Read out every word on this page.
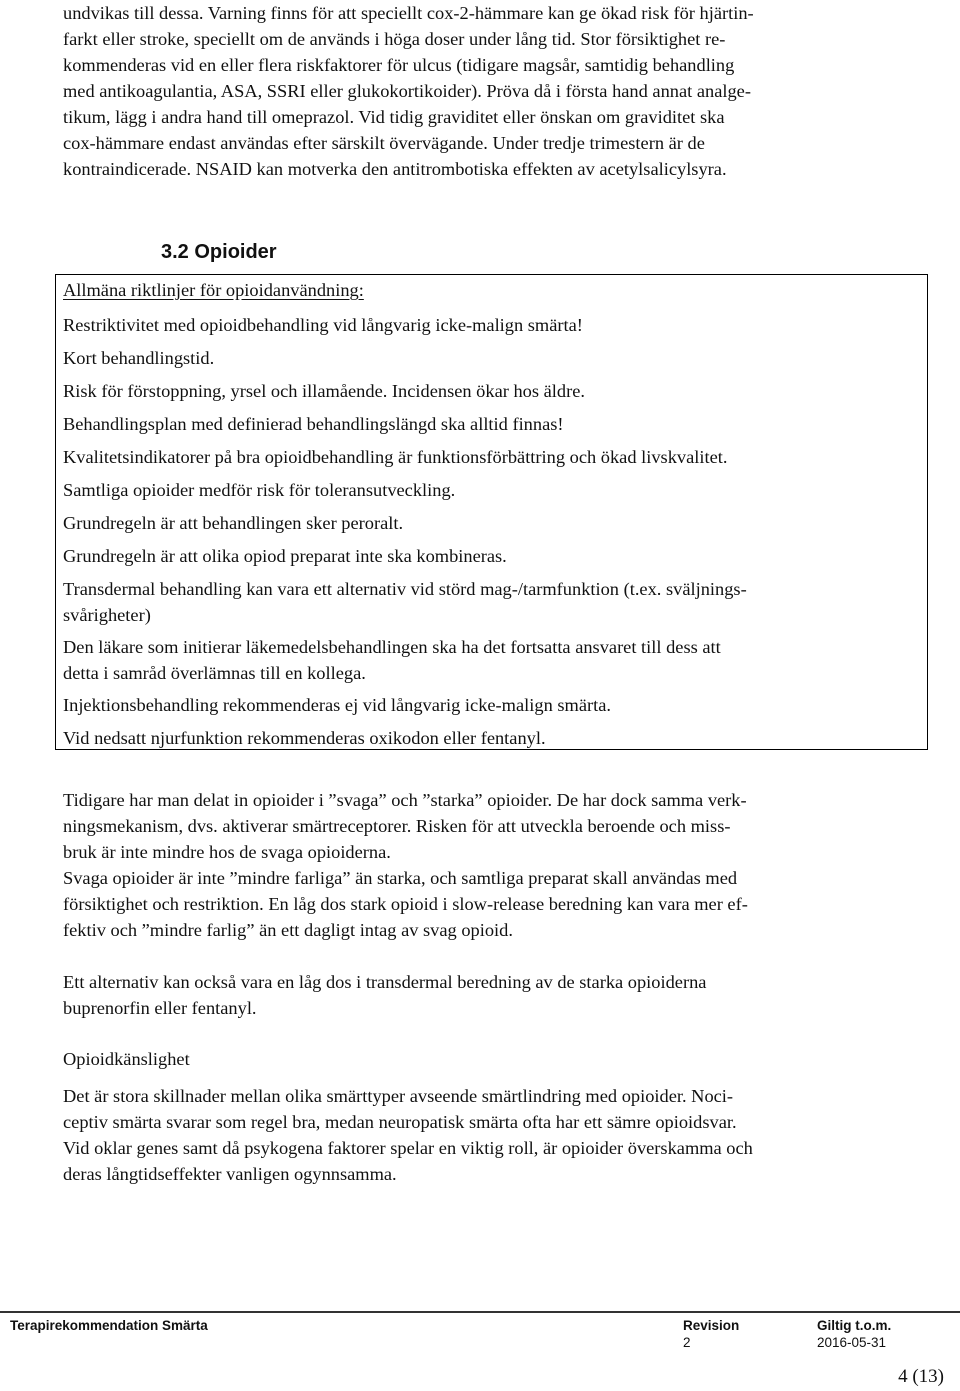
undvikas till dessa. Varning finns för att speciellt cox-2-hämmare kan ge ökad risk för hjärtin-
farkt eller stroke, speciellt om de används i höga doser under lång tid. Stor försiktighet re-
kommenderas vid en eller flera riskfaktorer för ulcus (tidigare magsår, samtidig behandling
med antikoagulantia, ASA, SSRI eller glukokortikoider). Pröva då i första hand annat analge-
tikum, lägg i andra hand till omeprazol. Vid tidig graviditet eller önskan om graviditet ska
cox-hämmare endast användas efter särskilt övervägande. Under tredje trimestern är de
kontraindicerade. NSAID kan motverka den antitrombotiska effekten av acetylsalicylsyra.
3.2 Opioider
Allmäna riktlinjer för opioidanvändning:
Restriktivitet med opioidbehandling vid långvarig icke-malign smärta!
Kort behandlingstid.
Risk för förstoppning, yrsel och illamående. Incidensen ökar hos äldre.
Behandlingsplan med definierad behandlingslängd ska alltid finnas!
Kvalitetsindikatorer på bra opioidbehandling är funktionsförbättring och ökad livskvalitet.
Samtliga opioider medför risk för toleransutveckling.
Grundregeln är att behandlingen sker peroralt.
Grundregeln är att olika opiod preparat inte ska kombineras.
Transdermal behandling kan vara ett alternativ vid störd mag-/tarmfunktion (t.ex. sväljnings-
svårigheter)
Den läkare som initierar läkemedelsbehandlingen ska ha det fortsatta ansvaret till dess att
detta i samråd överlämnas till en kollega.
Injektionsbehandling rekommenderas ej vid långvarig icke-malign smärta.
Vid nedsatt njurfunktion rekommenderas oxikodon eller fentanyl.
Tidigare har man delat in opioider i ”svaga” och ”starka” opioider. De har dock samma verk-
ningsmekanism, dvs. aktiverar smärtreceptorer. Risken för att utveckla beroende och miss-
bruk är inte mindre hos de svaga opioiderna.
Svaga opioider är inte ”mindre farliga” än starka, och samtliga preparat skall användas med
försiktighet och restriktion. En låg dos stark opioid i slow-release beredning kan vara mer ef-
fektiv och ”mindre farlig” än ett dagligt intag av svag opioid.
Ett alternativ kan också vara en låg dos i transdermal beredning av de starka opioiderna
buprenorfin eller fentanyl.
Opioidkänslighet
Det är stora skillnader mellan olika smärttyper avseende smärtlindring med opioider. Noci-
ceptiv smärta svarar som regel bra, medan neuropatisk smärta ofta har ett sämre opioidsvar.
Vid oklar genes samt då psykogena faktorer spelar en viktig roll, är opioider överskamma och
deras långtidseffekter vanligen ogynnsamma.
Terapirekommendation Smärta	Revision
2
Giltig t.o.m.
2016-05-31
4 (13)
